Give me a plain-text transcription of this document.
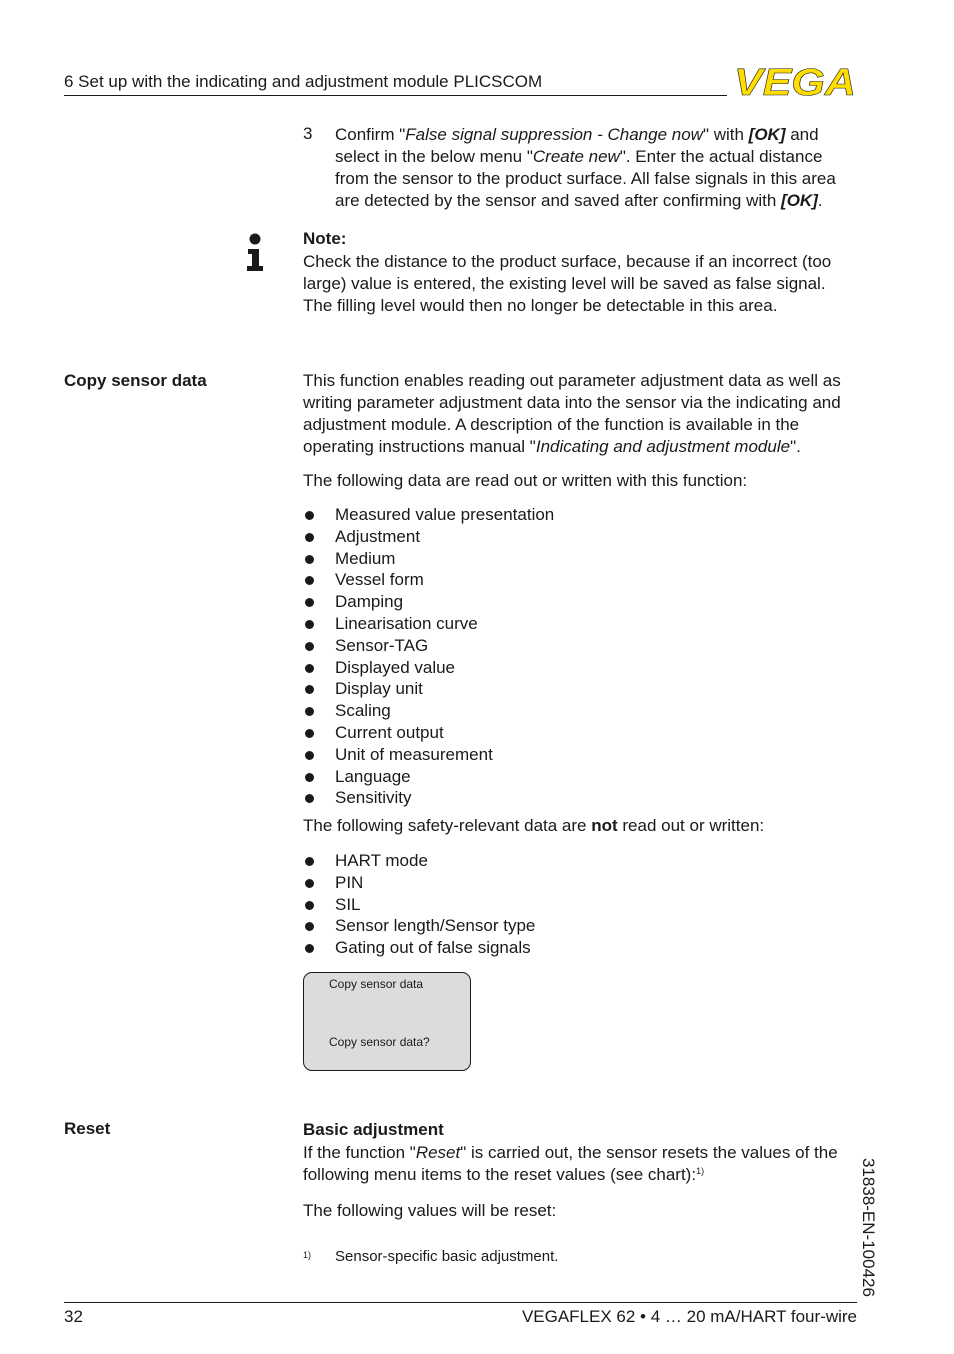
6 Set up with the indicating and adjustment module PLICSCOM	VEGA
3 Confirm "False signal suppression - Change now" with [OK] and select in the below menu "Create new". Enter the actual distance from the sensor to the product surface. All false signals in this area are detected by the sensor and saved after confirming with [OK].
Note:
Check the distance to the product surface, because if an incorrect (too large) value is entered, the existing level will be saved as false signal. The filling level would then no longer be detectable in this area.
Copy sensor data	This function enables reading out parameter adjustment data as well as writing parameter adjustment data into the sensor via the indicating and adjustment module. A description of the function is available in the operating instructions manual "Indicating and adjustment module".
The following data are read out or written with this function:
Measured value presentation
Adjustment
Medium
Vessel form
Damping
Linearisation curve
Sensor-TAG
Displayed value
Display unit
Scaling
Current output
Unit of measurement
Language
Sensitivity
The following safety-relevant data are not read out or written:
HART mode
PIN
SIL
Sensor length/Sensor type
Gating out of false signals
Copy sensor data
Copy sensor data?
Reset	Basic adjustment
If the function "Reset" is carried out, the sensor resets the values of the following menu items to the reset values (see chart):$^{1)}$
The following values will be reset:
$^{1)}$ Sensor-specific basic adjustment.	31838-EN-100426
32	VEGAFLEX 62 • 4 … 20 mA/HART four-wire
